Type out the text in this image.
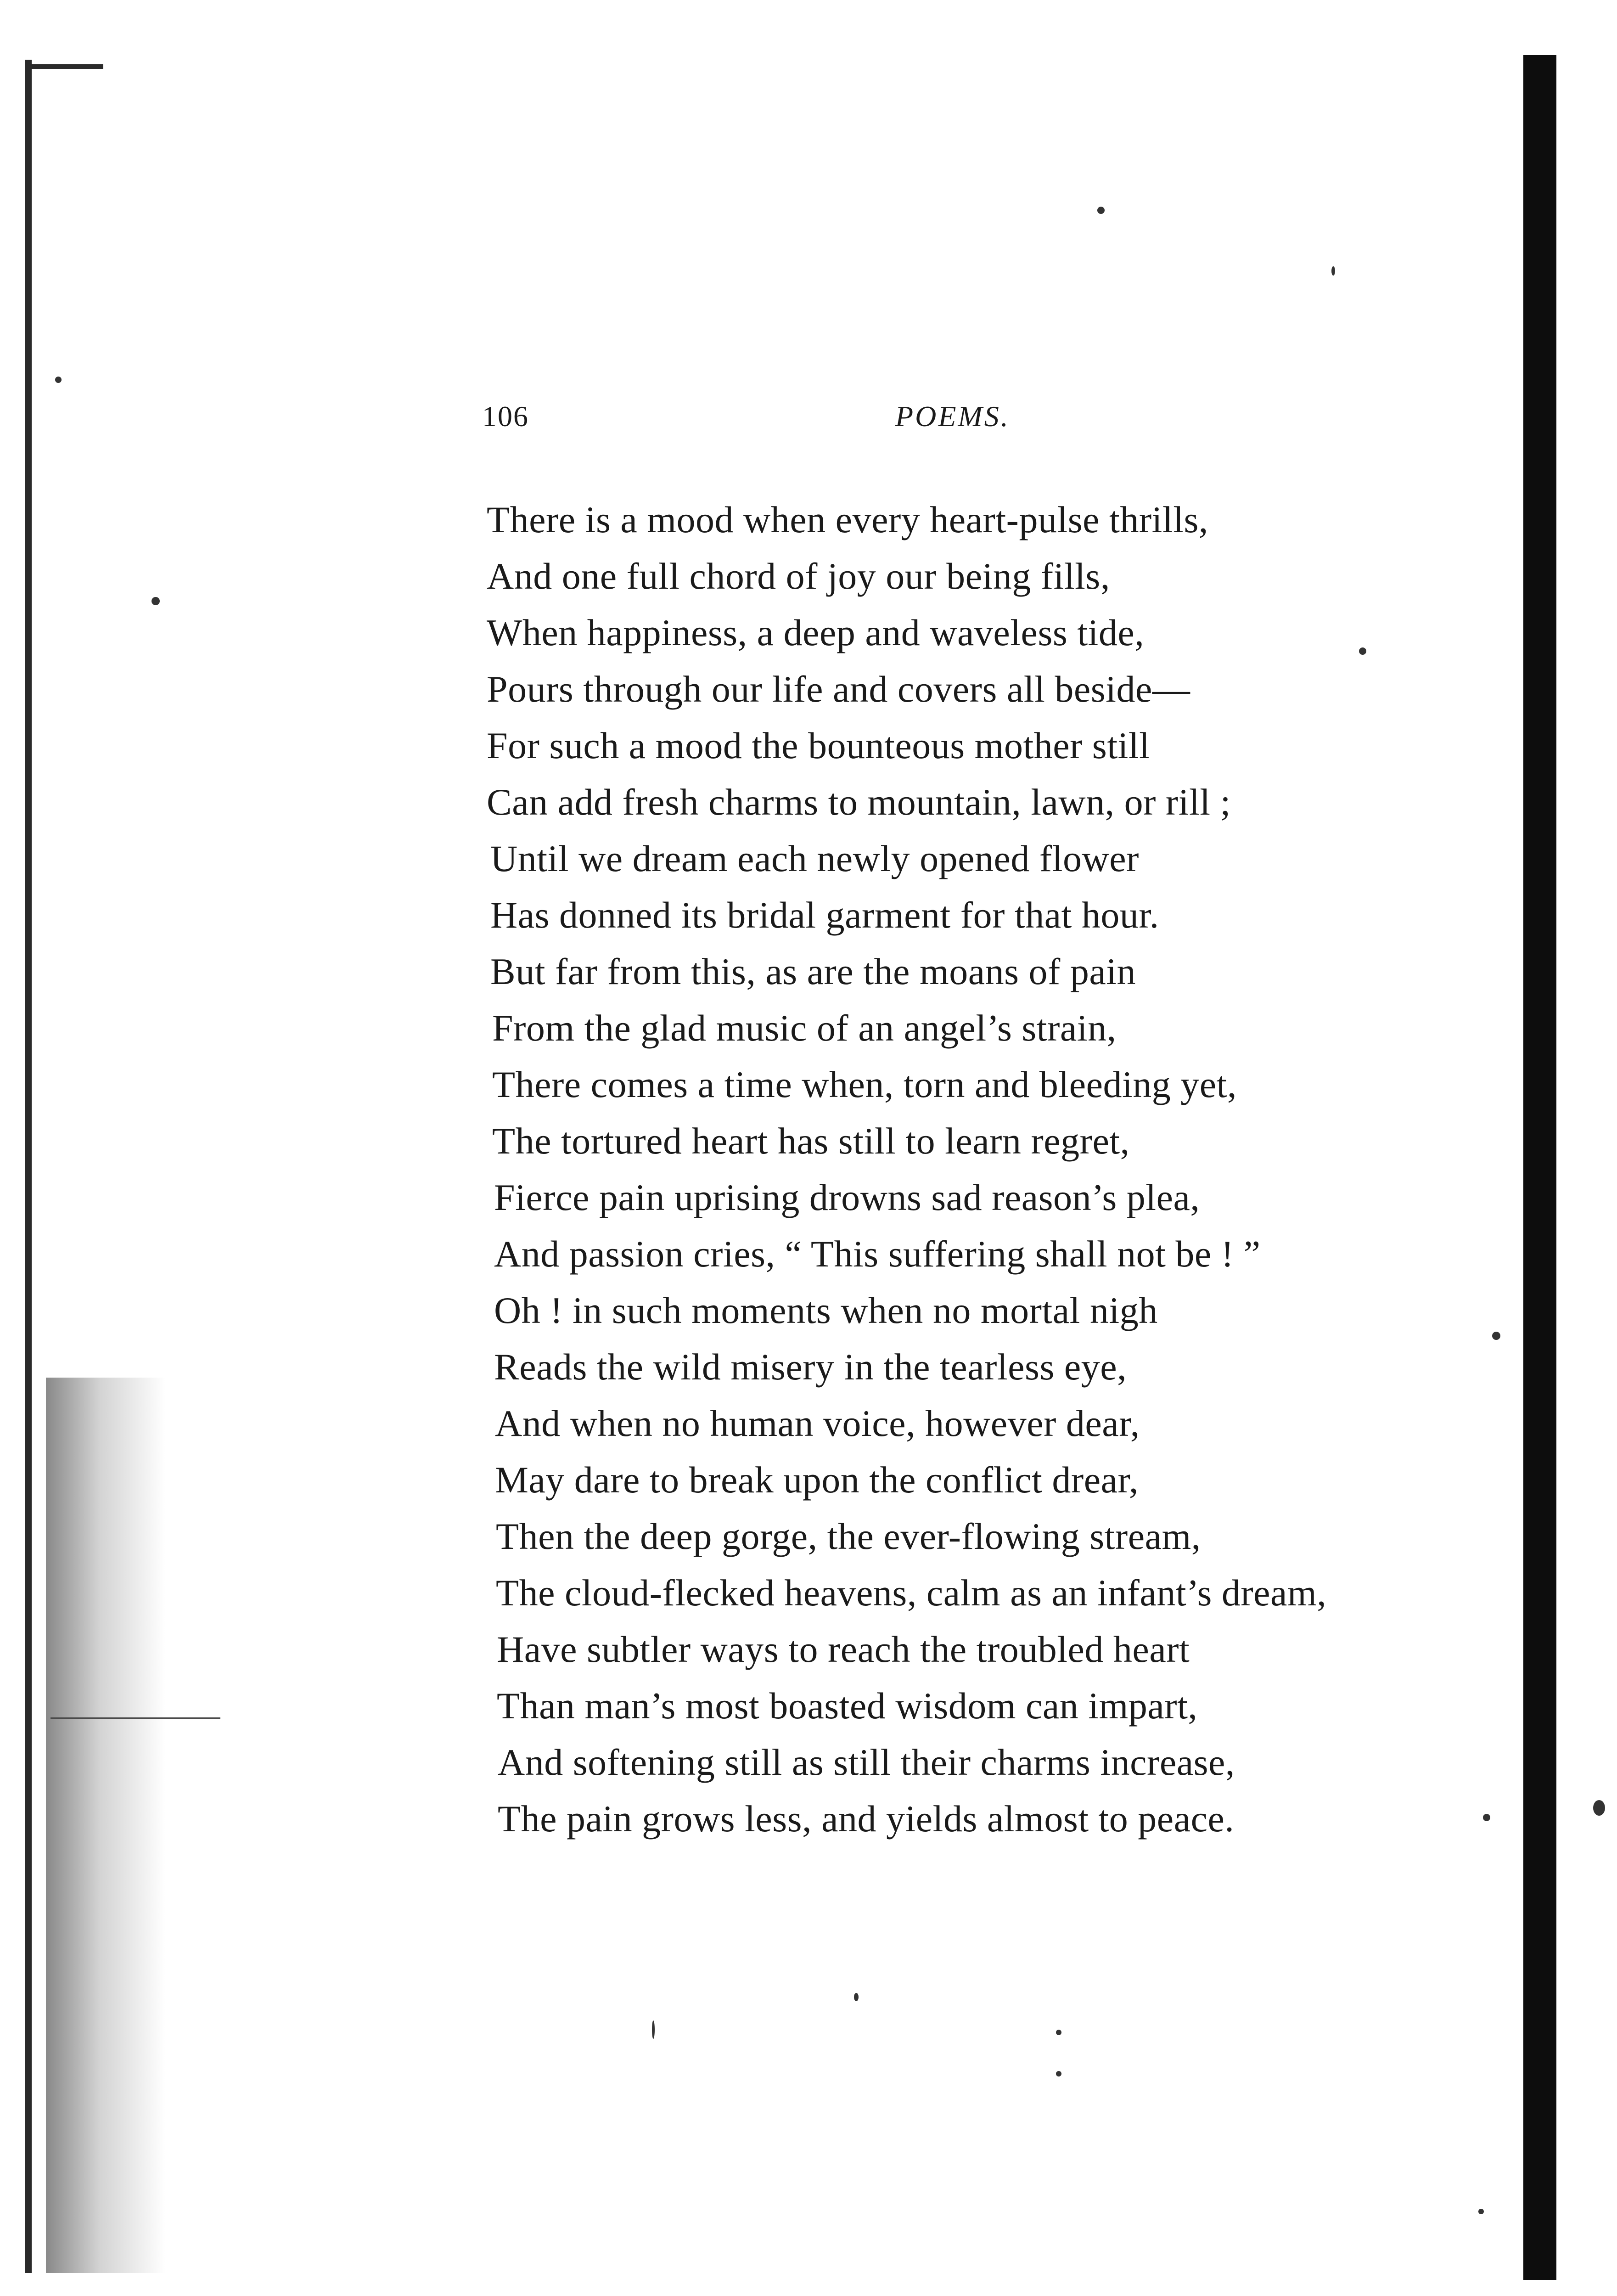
106	POEMS.
There is a mood when every heart-pulse thrills,
And one full chord of joy our being fills,
When happiness, a deep and waveless tide,
Pours through our life and covers all beside—
For such a mood the bounteous mother still
Can add fresh charms to mountain, lawn, or rill ;
Until we dream each newly opened flower
Has donned its bridal garment for that hour.
But far from this, as are the moans of pain
From the glad music of an angel’s strain,
There comes a time when, torn and bleeding yet,
The tortured heart has still to learn regret,
Fierce pain uprising drowns sad reason’s plea,
And passion cries, “ This suffering shall not be ! ”
Oh ! in such moments when no mortal nigh
Reads the wild misery in the tearless eye,
And when no human voice, however dear,
May dare to break upon the conflict drear,
Then the deep gorge, the ever-flowing stream,
The cloud-flecked heavens, calm as an infant’s dream,
Have subtler ways to reach the troubled heart
Than man’s most boasted wisdom can impart,
And softening still as still their charms increase,
The pain grows less, and yields almost to peace.
